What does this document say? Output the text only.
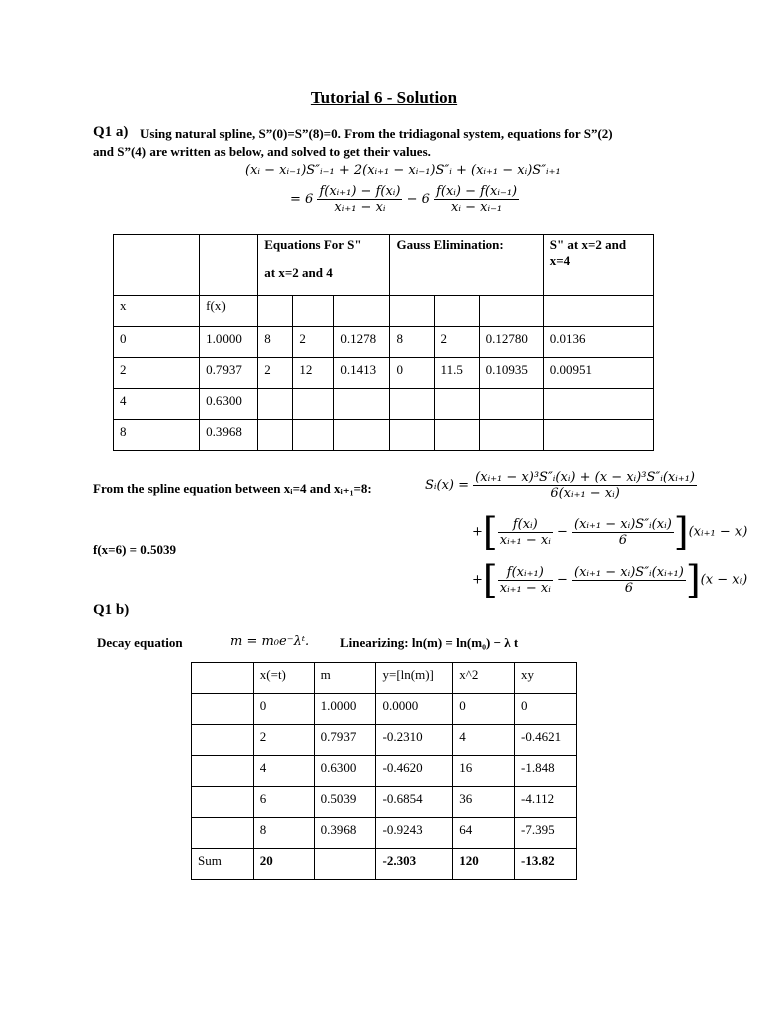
Tutorial 6 - Solution
Q1 a) Using natural spline, S”(0)=S”(8)=0. From the tridiagonal system, equations for S”(2)
and S”(4) are written as below, and solved to get their values.
(xᵢ − xᵢ₋₁)S″ᵢ₋₁ + 2(xᵢ₊₁ − xᵢ₋₁)S″ᵢ + (xᵢ₊₁ − xᵢ)S″ᵢ₊₁
= $6 \frac{\text{f(xᵢ₊₁) − f(xᵢ)}}{\text{xᵢ₊₁ − xᵢ}} - 6 \frac{\text{f(xᵢ) − f(xᵢ₋₁)}}{\text{xᵢ − xᵢ₋₁}}$

		Equations For S"
at x=2 and 4			Gauss Elimination:			S" at x=2 and x=4
x	f(x)							
0	1.0000	8	2	0.1278	8	2	0.12780	0.0136
2	0.7937	2	12	0.1413	0	11.5	0.10935	0.00951
4	0.6300							
8	0.3968							
From the spline equation between xᵢ=4 and xᵢ₊₁=8:	Sᵢ(x) = $\frac{\text{(xᵢ₊₁ − x)³S″ᵢ(xᵢ) + (x − xᵢ)³S″ᵢ(xᵢ₊₁)}}{\text{6(xᵢ₊₁ − xᵢ)}}$
+[ $\frac{\text{f(xᵢ)}}{\text{xᵢ₊₁ − xᵢ}} - \frac{\text{(xᵢ₊₁ − xᵢ)S″ᵢ(xᵢ)}}{6}$ ](xᵢ₊₁ − x)
+[ $\frac{\text{f(xᵢ₊₁)}}{\text{xᵢ₊₁ − xᵢ}} - \frac{\text{(xᵢ₊₁ − xᵢ)S″ᵢ(xᵢ₊₁)}}{6} ](x$ − xᵢ)
f(x=6) = 0.5039
Q1 b)
Decay equation	m = m₀e⁻λᵗ. Linearizing: ln(m) = ln(m₀) − λ t
	x(=t)	m	y=[ln(m)]	x^2	xy
	0	1.0000	0.0000	0	0
	2	0.7937	-0.2310	4	-0.4621
	4	0.6300	-0.4620	16	-1.848
	6	0.5039	-0.6854	36	-4.112
	8	0.3968	-0.9243	64	-7.395
Sum	20		-2.303	120	-13.82
